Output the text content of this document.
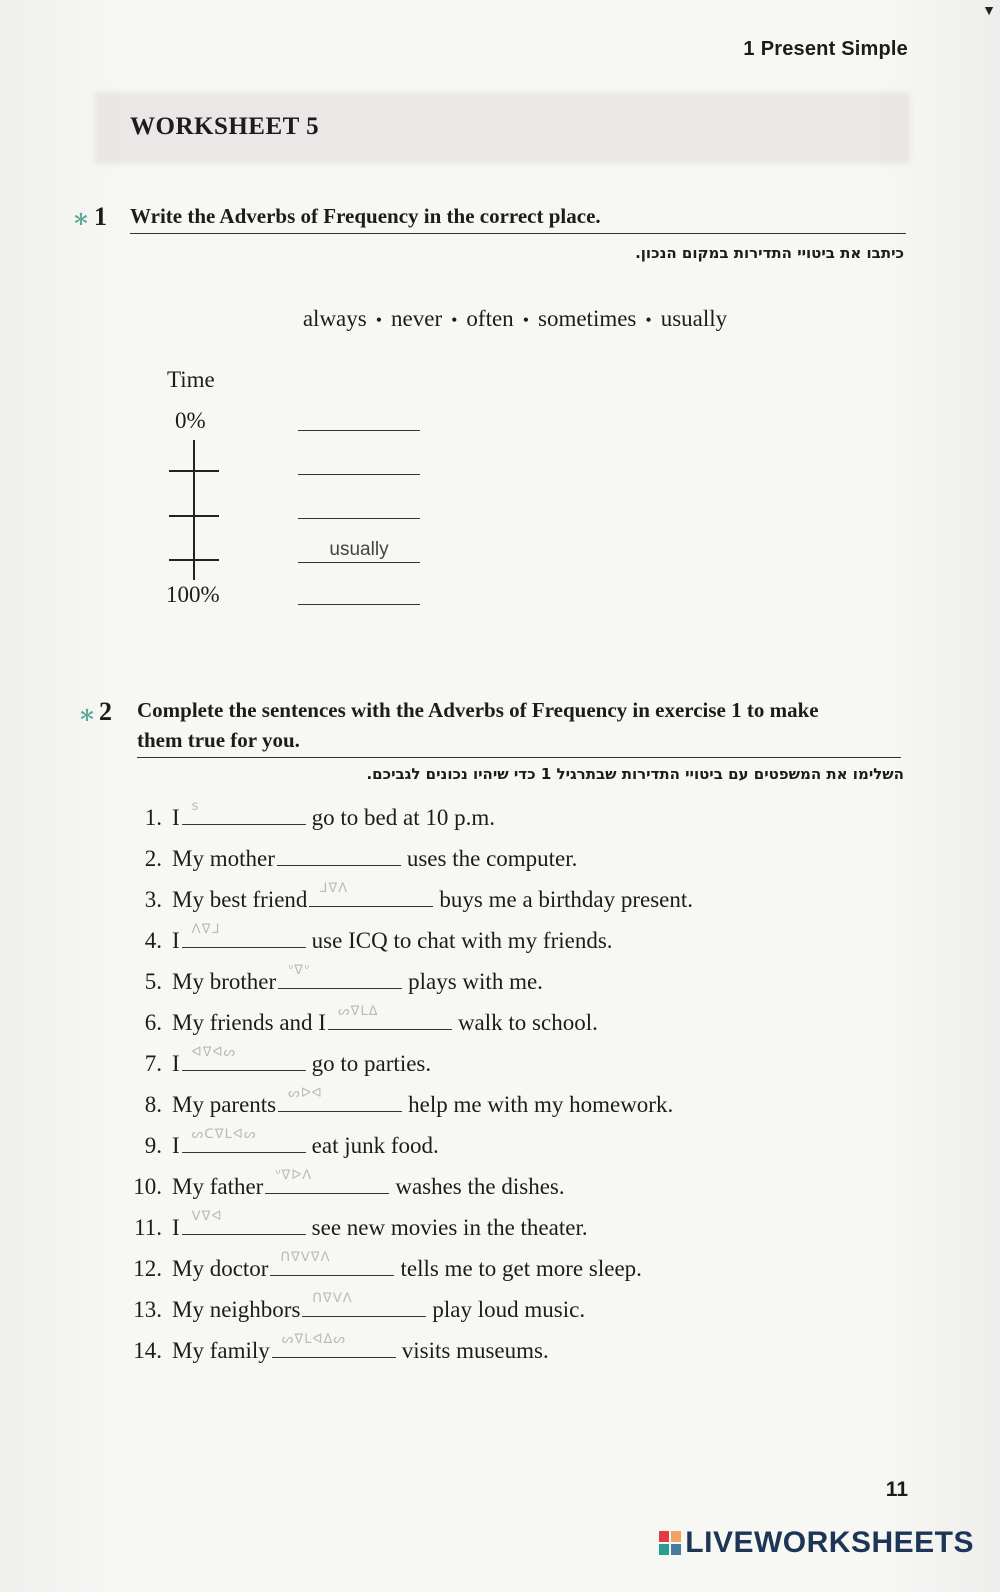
▼
1 Present Simple
WORKSHEET 5
∗ 1 Write the Adverbs of Frequency in the correct place.
כיתבו את ביטויי התדירות במקום הנכון.
always • never • often • sometimes • usually
Time
0%
100%
usually
∗ 2 Complete the sentences with the Adverbs of Frequency in exercise 1 to make
them true for you.
השלימו את המשפטים עם ביטויי התדירות שבתרגיל 1 כדי שיהיו נכונים לגביכם.
1. I s	go to bed at 10 p.m.
2. My mother	uses the computer.
3. My best friend ᒧᐁᐱ	buys me a birthday present.
4. I ᐱᐁᒧ	use ICQ to chat with my friends.
5. My brother ᐡᐁᐡ	plays with me.
6. My friends and I ᔕᐁᒪᐃ	walk to school.
7. I ᐊᐁᐊᔕ	go to parties.
8. My parents ᔕᐅᐊ	help me with my homework.
9. I ᔕᑕᐁᒪᐊᔕ eat junk food.
10. My father ᐡᐁᐅᐱ	washes the dishes.
11. I ᐯᐁᐊ	see new movies in the theater.
12. My doctor ᑎᐁᐯᐁᐱ	tells me to get more sleep.
13. My neighbors ᑎᐁᐯᐱ	play loud music.
14. My family ᔕᐁᒪᐊᐃᔕ visits museums.
11
LIVEWORKSHEETS
